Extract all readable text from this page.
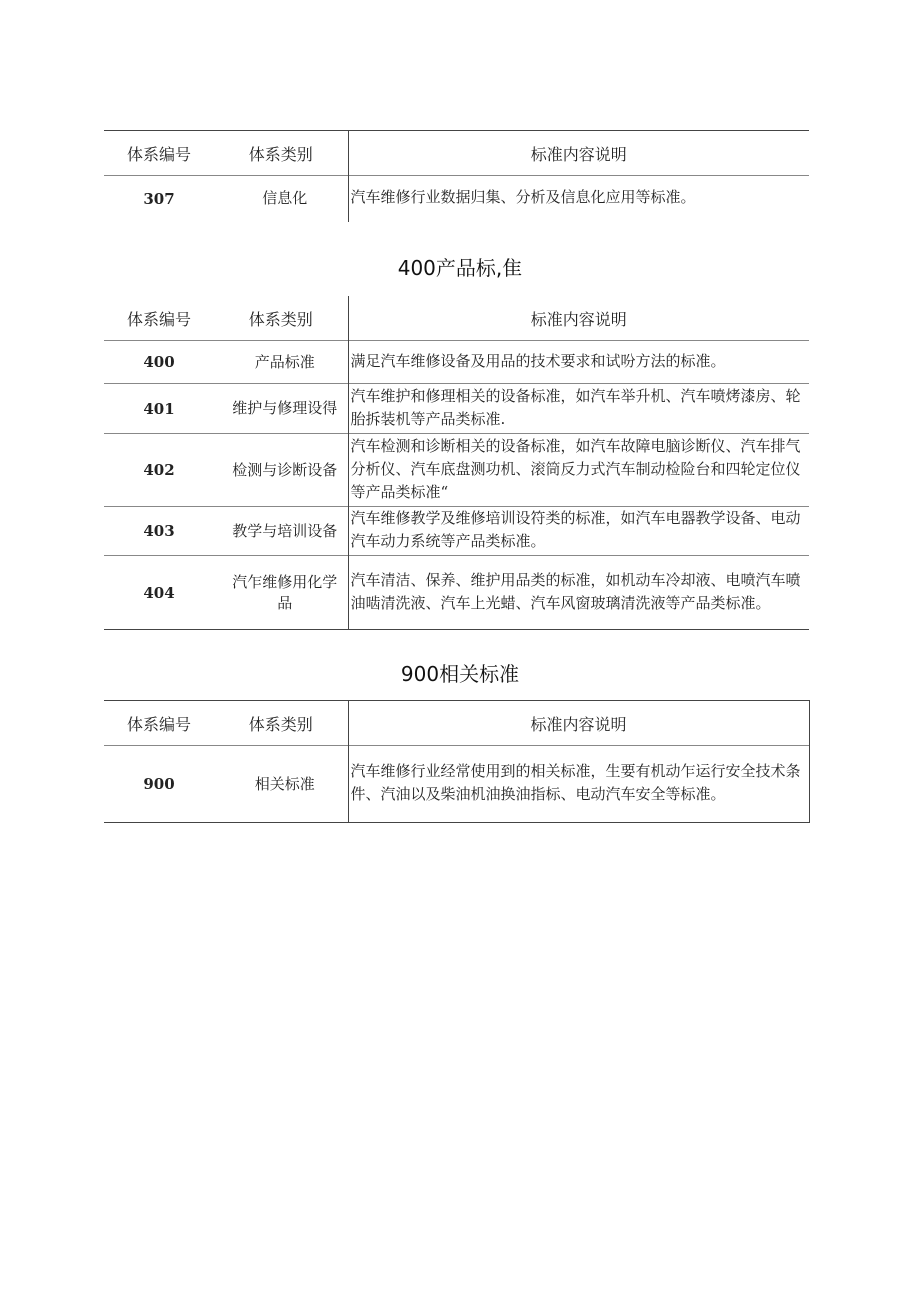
体系编号	体系类别	标准内容说明
307	信息化	汽车维修行业数据归集、分析及信息化应用等标准。
400产品标,隹
体系编号	体系类别	标准内容说明
400	产品标准	满足汽车维修设备及用品的技术要求和试吩方法的标准。
401	维护与修理设得	汽车维护和修理相关的设备标准，如汽车举升机、汽车喷烤漆房、轮胎拆装机等产品类标准.
402	检测与诊断设备	汽车检测和诊断相关的设备标准，如汽车故障电脑诊断仪、汽车排气分析仪、汽车底盘测功机、滚筒反力式汽车制动检险台和四轮定位仪等产品类标准“
403	教学与培训设备	汽车维修教学及维修培训设符类的标准，如汽车电器教学设备、电动汽车动力系统等产品类标准。
404	汽乍维修用化学品	汽车清洁、保养、维护用品类的标准，如机动车冷却液、电喷汽车喷油啮清洗液、汽车上光蜡、汽车风窗玻璃清洗液等产品类标准。
900相关标准
体系编号	体系类别	标准内容说明
900	相关标准	汽车维修行业经常使用到的相关标准，生要有机动乍运行安全技术条件、汽油以及柴油机油换油指标、电动汽车安全等标准。
